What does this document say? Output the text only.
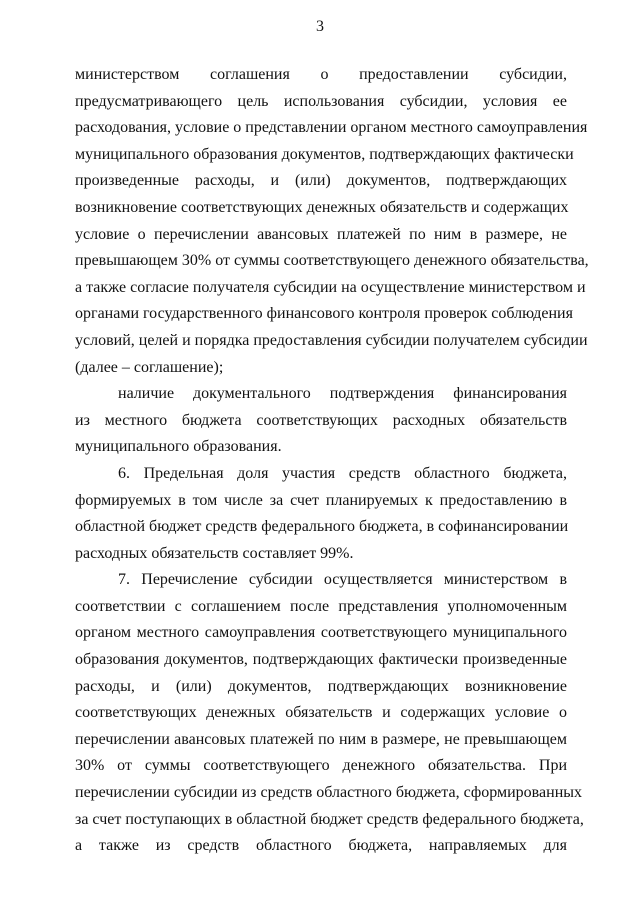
3
министерством соглашения о предоставлении субсидии,
предусматривающего цель использования субсидии, условия ее
расходования, условие о представлении органом местного самоуправления
муниципального образования документов, подтверждающих фактически
произведенные расходы, и (или) документов, подтверждающих
возникновение соответствующих денежных обязательств и содержащих
условие о перечислении авансовых платежей по ним в размере, не
превышающем 30% от суммы соответствующего денежного обязательства,
а также согласие получателя субсидии на осуществление министерством и
органами государственного финансового контроля проверок соблюдения
условий, целей и порядка предоставления субсидии получателем субсидии
(далее – соглашение);
наличие документального подтверждения финансирования
из местного бюджета соответствующих расходных обязательств
муниципального образования.
6. Предельная доля участия средств областного бюджета,
формируемых в том числе за счет планируемых к предоставлению в
областной бюджет средств федерального бюджета, в софинансировании
расходных обязательств составляет 99%.
7. Перечисление субсидии осуществляется министерством в
соответствии с соглашением после представления уполномоченным
органом местного самоуправления соответствующего муниципального
образования документов, подтверждающих фактически произведенные
расходы, и (или) документов, подтверждающих возникновение
соответствующих денежных обязательств и содержащих условие о
перечислении авансовых платежей по ним в размере, не превышающем
30% от суммы соответствующего денежного обязательства. При
перечислении субсидии из средств областного бюджета, сформированных
за счет поступающих в областной бюджет средств федерального бюджета,
а также из средств областного бюджета, направляемых для
